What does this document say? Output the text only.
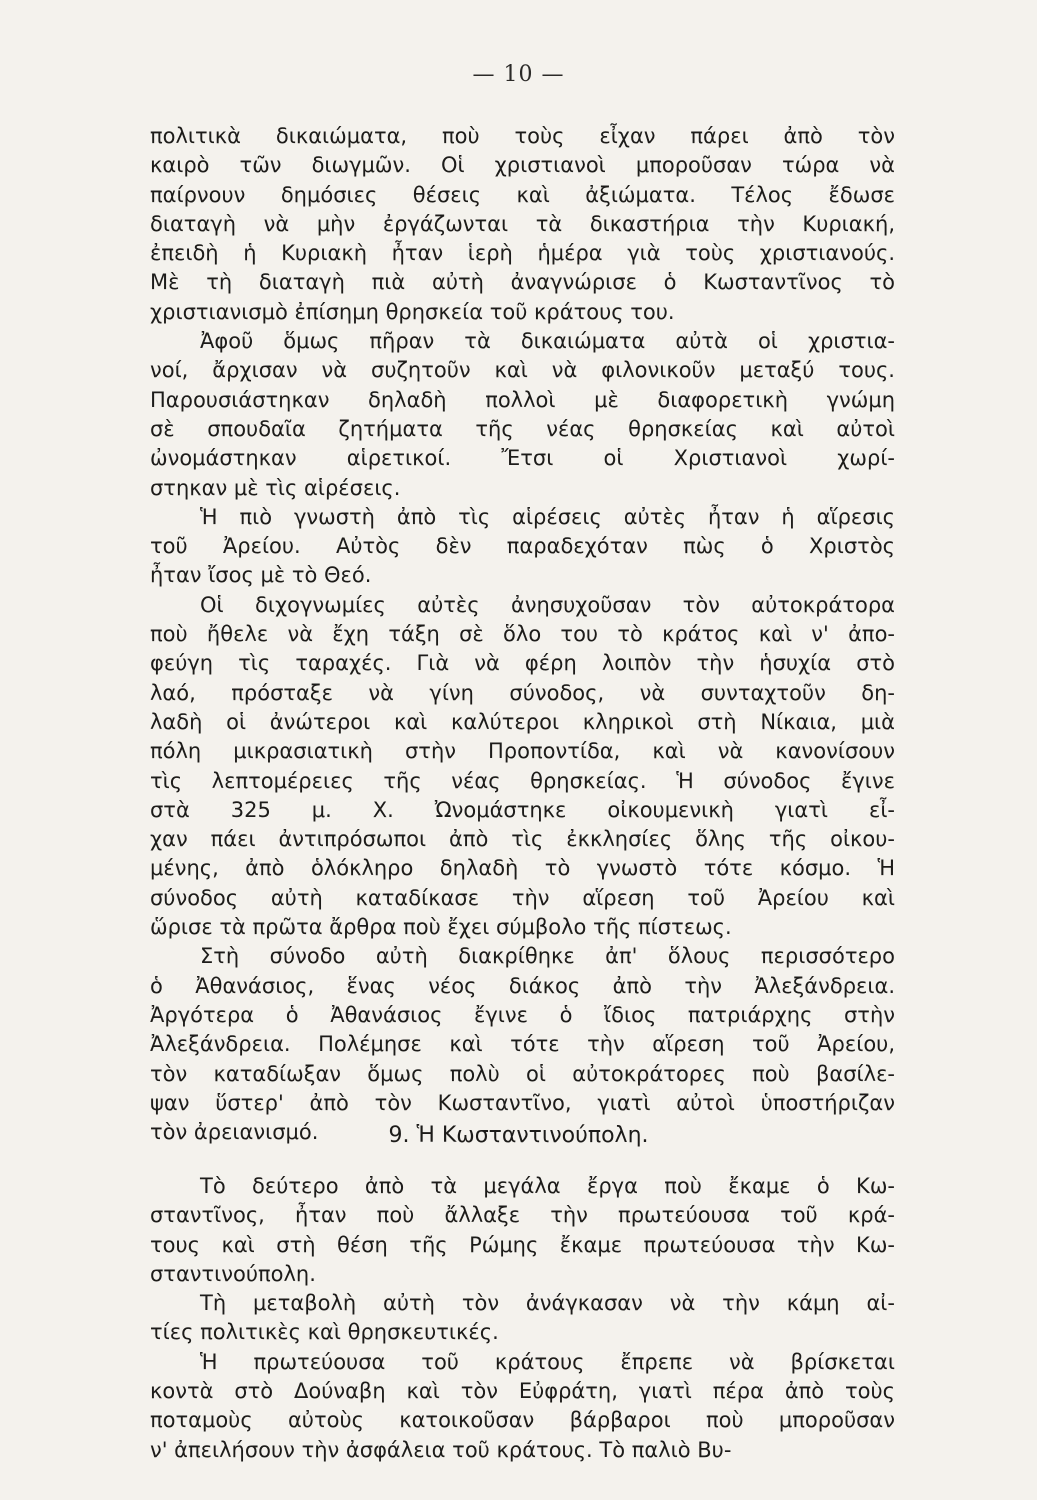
— 10 —
πολιτικὰ δικαιώματα, ποὺ τοὺς εἶχαν πάρει ἀπὸ τὸν
καιρὸ τῶν διωγμῶν. Οἱ χριστιανοὶ μποροῦσαν τώρα νὰ
παίρνουν δημόσιες θέσεις καὶ ἀξιώματα. Τέλος ἔδωσε
διαταγὴ νὰ μὴν ἐργάζωνται τὰ δικαστήρια τὴν Κυριακή,
ἐπειδὴ ἡ Κυριακὴ ἦταν ἱερὴ ἡμέρα γιὰ τοὺς χριστιανούς.
Μὲ τὴ διαταγὴ πιὰ αὐτὴ ἀναγνώρισε ὁ Κωσταντῖνος τὸ
χριστιανισμὸ ἐπίσημη θρησκεία τοῦ κράτους του.
Ἀφοῦ ὅμως πῆραν τὰ δικαιώματα αὐτὰ οἱ χριστια-
νοί, ἄρχισαν νὰ συζητοῦν καὶ νὰ φιλονικοῦν μεταξύ τους.
Παρουσιάστηκαν δηλαδὴ πολλοὶ μὲ διαφορετικὴ γνώμη
σὲ σπουδαῖα ζητήματα τῆς νέας θρησκείας καὶ αὐτοὶ
ὠνομάστηκαν αἱρετικοί. Ἔτσι οἱ Χριστιανοὶ χωρί-
στηκαν μὲ τὶς αἱρέσεις.
Ἡ πιὸ γνωστὴ ἀπὸ τὶς αἱρέσεις αὐτὲς ἦταν ἡ αἵρεσις
τοῦ Ἀρείου. Αὐτὸς δὲν παραδεχόταν πὼς ὁ Χριστὸς
ἦταν ἴσος μὲ τὸ Θεό.
Οἱ διχογνωμίες αὐτὲς ἀνησυχοῦσαν τὸν αὐτοκράτορα
ποὺ ἤθελε νὰ ἔχη τάξη σὲ ὅλο του τὸ κράτος καὶ ν' ἀπο-
φεύγη τὶς ταραχές. Γιὰ νὰ φέρη λοιπὸν τὴν ἡσυχία στὸ
λαό, πρόσταξε νὰ γίνη σύνοδος, νὰ συνταχτοῦν δη-
λαδὴ οἱ ἀνώτεροι καὶ καλύτεροι κληρικοὶ στὴ Νίκαια, μιὰ
πόλη μικρασιατικὴ στὴν Προποντίδα, καὶ νὰ κανονίσουν
τὶς λεπτομέρειες τῆς νέας θρησκείας. Ἡ σύνοδος ἔγινε
στὰ 325 μ. Χ. Ὠνομάστηκε οἰκουμενικὴ γιατὶ εἶ-
χαν πάει ἀντιπρόσωποι ἀπὸ τὶς ἐκκλησίες ὅλης τῆς οἰκου-
μένης, ἀπὸ ὁλόκληρο δηλαδὴ τὸ γνωστὸ τότε κόσμο. Ἡ
σύνοδος αὐτὴ καταδίκασε τὴν αἵρεση τοῦ Ἀρείου καὶ
ὥρισε τὰ πρῶτα ἄρθρα ποὺ ἔχει σύμβολο τῆς πίστεως.
Στὴ σύνοδο αὐτὴ διακρίθηκε ἀπ' ὅλους περισσότερο
ὁ Ἀθανάσιος, ἕνας νέος διάκος ἀπὸ τὴν Ἀλεξάνδρεια.
Ἀργότερα ὁ Ἀθανάσιος ἔγινε ὁ ἴδιος πατριάρχης στὴν
Ἀλεξάνδρεια. Πολέμησε καὶ τότε τὴν αἵρεση τοῦ Ἀρείου,
τὸν καταδίωξαν ὅμως πολὺ οἱ αὐτοκράτορες ποὺ βασίλε-
ψαν ὕστερ' ἀπὸ τὸν Κωσταντῖνο, γιατὶ αὐτοὶ ὑποστήριζαν
τὸν ἀρειανισμό.	9. Ἡ Κωσταντινούπολη.
Τὸ δεύτερο ἀπὸ τὰ μεγάλα ἔργα ποὺ ἔκαμε ὁ Κω-
σταντῖνος, ἦταν ποὺ ἄλλαξε τὴν πρωτεύουσα τοῦ κρά-
τους καὶ στὴ θέση τῆς Ρώμης ἔκαμε πρωτεύουσα τὴν Κω-
σταντινούπολη.
Τὴ μεταβολὴ αὐτὴ τὸν ἀνάγκασαν νὰ τὴν κάμη αἰ-
τίες πολιτικὲς καὶ θρησκευτικές.
Ἡ πρωτεύουσα τοῦ κράτους ἔπρεπε νὰ βρίσκεται
κοντὰ στὸ Δούναβη καὶ τὸν Εὐφράτη, γιατὶ πέρα ἀπὸ τοὺς
ποταμοὺς αὐτοὺς κατοικοῦσαν βάρβαροι ποὺ μποροῦσαν
ν' ἀπειλήσουν τὴν ἀσφάλεια τοῦ κράτους. Τὸ παλιὸ Βυ-
